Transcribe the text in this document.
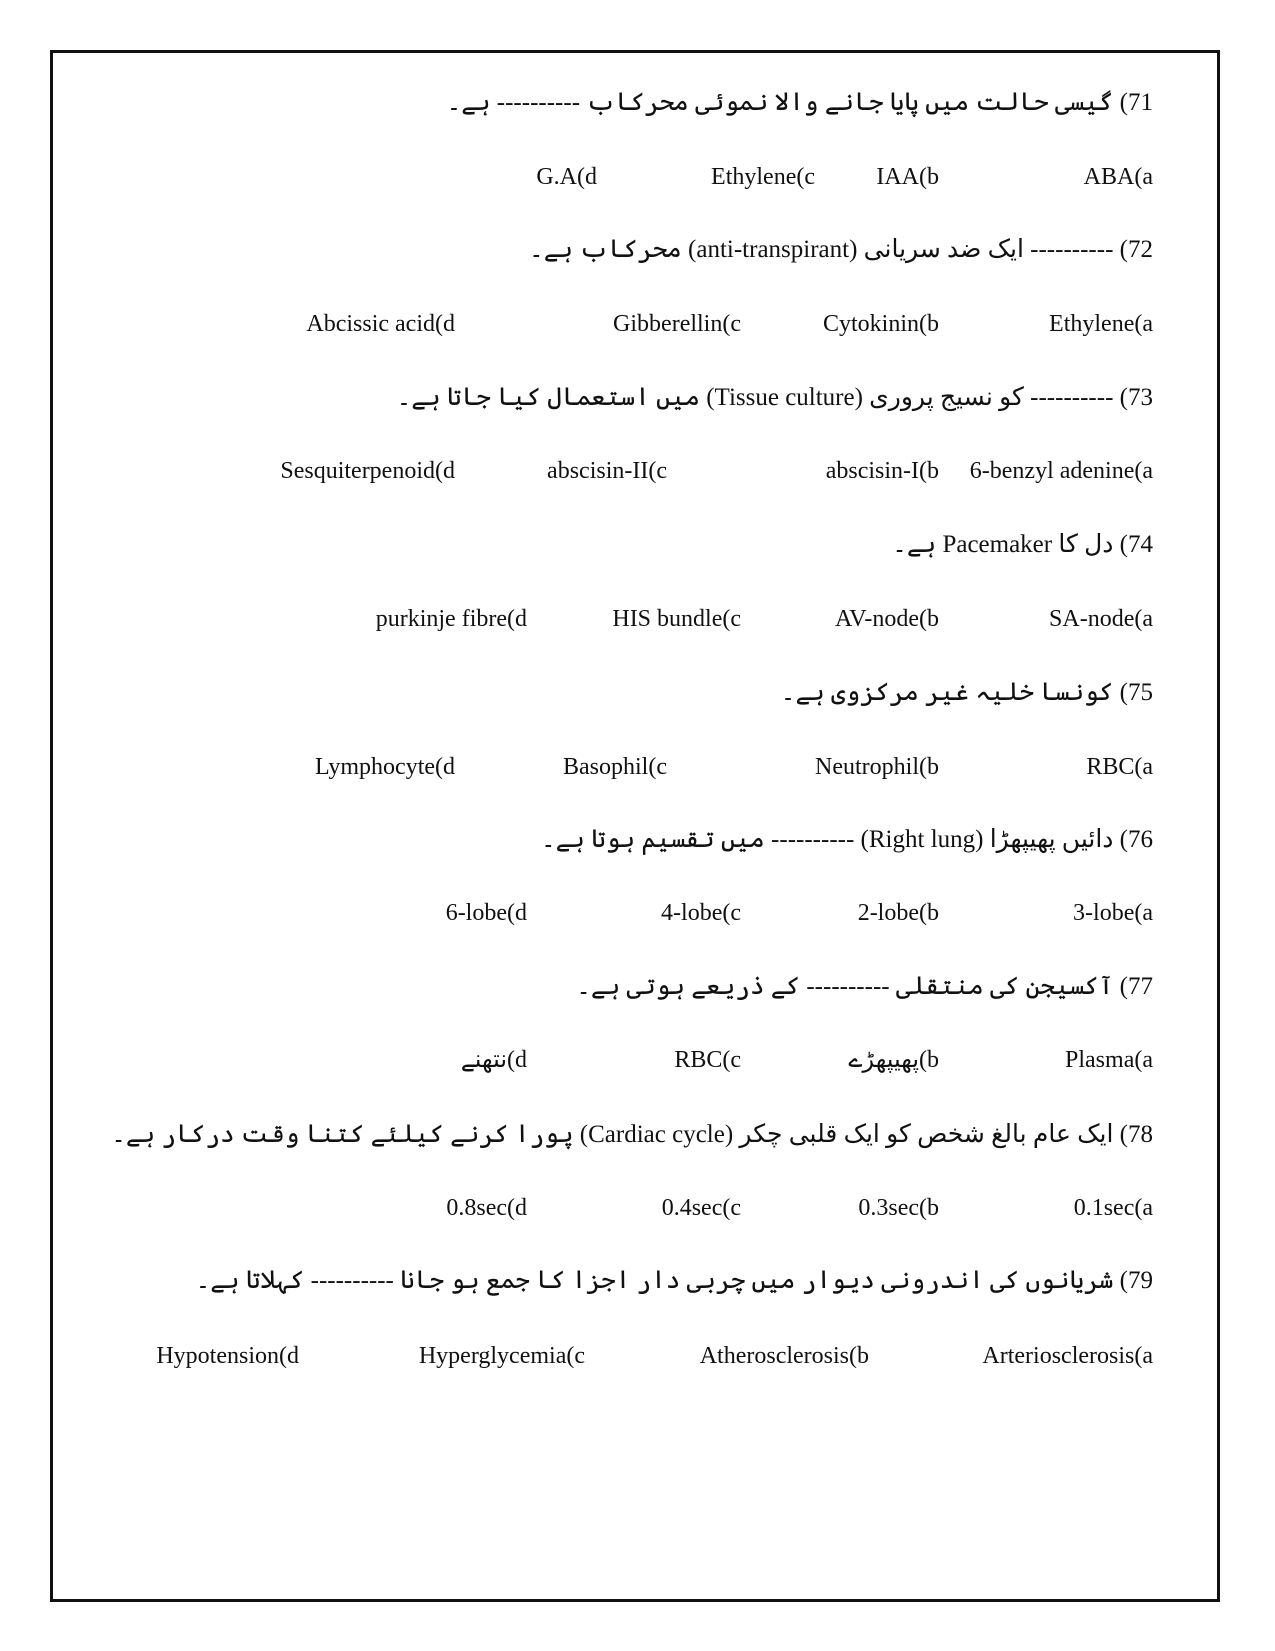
71) گیسی حالت میں پایا جانے والا نموئی محرکاب ---------- ہے۔
ABA(a
IAA(b
Ethylene(c
G.A(d
72) ---------- ایک ضد سریانی (anti-transpirant) محرکاب ہے۔
Ethylene(a
Cytokinin(b
Gibberellin(c
Abcissic acid(d
73) ---------- کو نسیج پروری (Tissue culture) میں استعمال کیا جاتا ہے۔
6-benzyl adenine(a
abscisin-I(b
abscisin-II(c
Sesquiterpenoid(d
74) دل کا Pacemaker ہے۔
SA-node(a
AV-node(b
HIS bundle(c
purkinje fibre(d
75) کونسا خلیہ غیر مرکزوی ہے۔
RBC(a
Neutrophil(b
Basophil(c
Lymphocyte(d
76) دائیں پھیپھڑا (Right lung) ---------- میں تقسیم ہوتا ہے۔
3-lobe(a
2-lobe(b
4-lobe(c
6-lobe(d
77) آکسیجن کی منتقلی ---------- کے ذریعے ہوتی ہے۔
Plasma(a
پھیپھڑے(b
RBC(c
نتھنے(d
78) ایک عام بالغ شخص کو ایک قلبی چکر (Cardiac cycle) پورا کرنے کیلئے کتنا وقت درکار ہے۔
0.1sec(a
0.3sec(b
0.4sec(c
0.8sec(d
79) شریانوں کی اندرونی دیوار میں چربی دار اجزا کا جمع ہو جانا ---------- کہلاتا ہے۔
Arteriosclerosis(a
Atherosclerosis(b
Hyperglycemia(c
Hypotension(d
